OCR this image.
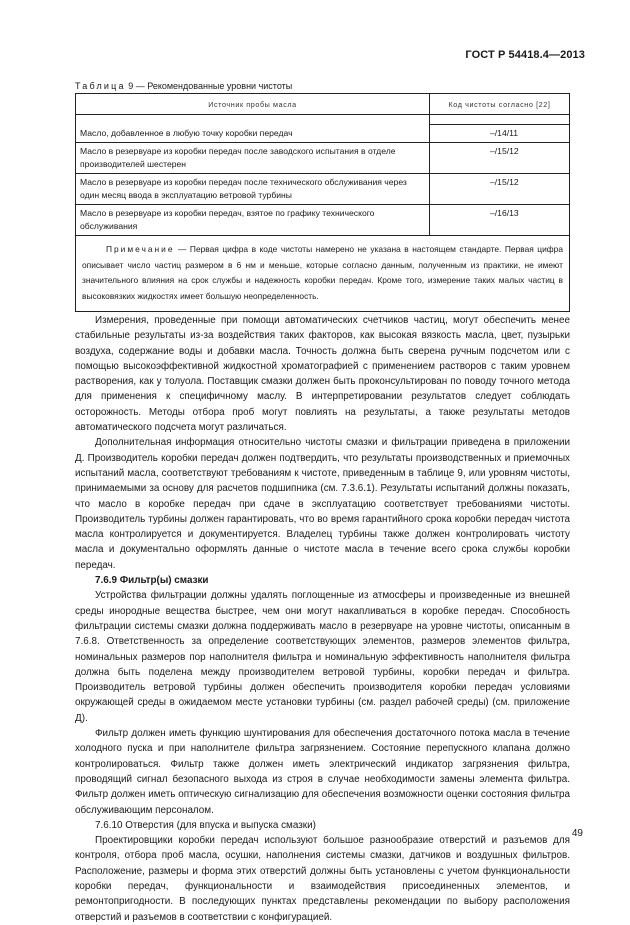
ГОСТ Р 54418.4—2013
Таблица 9 — Рекомендованные уровни чистоты
Источник пробы масла	Код чистоты согласно [22]

Масло, добавленное в любую точку коробки передач	–/14/11
Масло в резервуаре из коробки передач после заводского испытания в отделе производителей шестерен	–/15/12
Масло в резервуаре из коробки передач после технического обслуживания через один месяц ввода в эксплуатацию ветровой турбины	–/15/12
Масло в резервуаре из коробки передач, взятое по графику технического обслуживания	–/16/13
Примечание — Первая цифра в коде чистоты намерено не указана в настоящем стандарте. Первая цифра описывает число частиц размером в 6 нм и меньше, которые согласно данным, полученным из практики, не имеют значительного влияния на срок службы и надежность коробки передач. Кроме того, измерение таких малых частиц в высоковязких жидкостях имеет большую неопределенность.	

Измерения, проведенные при помощи автоматических счетчиков частиц, могут обеспечить менее стабильные результаты из-за воздействия таких факторов, как высокая вязкость масла, цвет, пузырьки воздуха, содержание воды и добавки масла. Точность должна быть сверена ручным подсчетом или с помощью высокоэффективной жидкостной хроматографией с применением растворов с таким уровнем растворения, как у толуола. Поставщик смазки должен быть проконсультирован по поводу точного метода для применения к специфичному маслу. В интерпретировании результатов следует соблюдать осторожность. Методы отбора проб могут повлиять на результаты, а также результаты методов автоматического подсчета могут различаться.

Дополнительная информация относительно чистоты смазки и фильтрации приведена в приложении Д. Производитель коробки передач должен подтвердить, что результаты производственных и приемочных испытаний масла, соответствуют требованиям к чистоте, приведенным в таблице 9, или уровням чистоты, принимаемыми за основу для расчетов подшипника (см. 7.3.6.1). Результаты испытаний должны показать, что масло в коробке передач при сдаче в эксплуатацию соответствует требованиями чистоты. Производитель турбины должен гарантировать, что во время гарантийного срока коробки передач чистота масла контролируется и документируется. Владелец турбины также должен контролировать чистоту масла и документально оформлять данные о чистоте масла в течение всего срока службы коробки передач.

7.6.9 Фильтр(ы) смазки

Устройства фильтрации должны удалять поглощенные из атмосферы и произведенные из внешней среды инородные вещества быстрее, чем они могут накапливаться в коробке передач. Способность фильтрации системы смазки должна поддерживать масло в резервуаре на уровне чистоты, описанным в 7.6.8. Ответственность за определение соответствующих элементов, размеров элементов фильтра, номинальных размеров пор наполнителя фильтра и номинальную эффективность наполнителя фильтра должна быть поделена между производителем ветровой турбины, коробки передач и фильтра. Производитель ветровой турбины должен обеспечить производителя коробки передач условиями окружающей среды в ожидаемом месте установки турбины (см. раздел рабочей среды) (см. приложение Д).

Фильтр должен иметь функцию шунтирования для обеспечения достаточного потока масла в течение холодного пуска и при наполнителе фильтра загрязнением. Состояние перепускного клапана должно контролироваться. Фильтр также должен иметь электрический индикатор загрязнения фильтра, проводящий сигнал безопасного выхода из строя в случае необходимости замены элемента фильтра. Фильтр должен иметь оптическую сигнализацию для обеспечения возможности оценки состояния фильтра обслуживающим персоналом.

7.6.10 Отверстия (для впуска и выпуска смазки)

Проектировщики коробки передач используют большое разнообразие отверстий и разъемов для контроля, отбора проб масла, осушки, наполнения системы смазки, датчиков и воздушных фильтров. Расположение, размеры и форма этих отверстий должны быть установлены с учетом функциональности коробки передач, функциональности и взаимодействия присоединенных элементов, и ремонтопригодности. В последующих пунктах представлены рекомендации по выбору расположения отверстий и разъемов в соответствии с конфигурацией.

49
